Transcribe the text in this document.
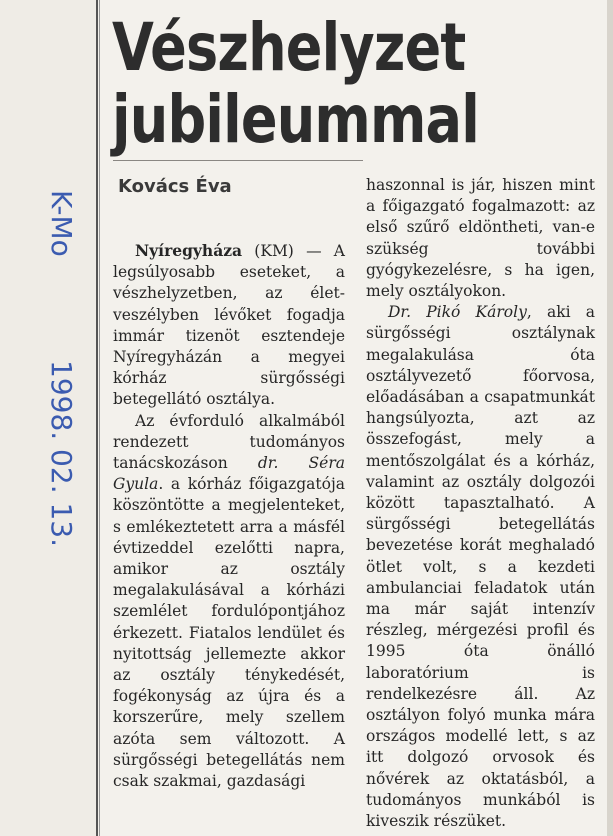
K-Mo
1998. 02. 13.
Vészhelyzet
jubileummal
Kovács Éva

Nyíregyháza (KM) — A legsúlyosabb eseteket, a vészhelyzetben, az élet-veszélyben lévőket fogadja immár tizenöt esztendeje Nyíregyházán a megyei kórház sürgősségi betegellátó osztálya.

Az évforduló alkalmából rendezett tudományos tanácskozáson dr. Séra Gyula. a kórház főigazgatója köszöntötte a megjelenteket, s emlékeztetett arra a másfél évtizeddel ezelőtti napra, amikor az osztály megalakulásával a kórházi szemlélet fordulópontjához érkezett. Fiatalos lendület és nyitottság jellemezte akkor az osztály ténykedését, fogékonyság az újra és a korszerűre, mely szellem azóta sem változott. A sürgősségi betegellátás nem csak szakmai, gazdasági

haszonnal is jár, hiszen mint a főigazgató fogalmazott: az első szűrő eldöntheti, van-e szükség további gyógykezelésre, s ha igen, mely osztályokon.

Dr. Pikó Károly, aki a sürgősségi osztálynak megalakulása óta osztályvezető főorvosa, előadásában a csapatmunkát hangsúlyozta, azt az összefogást, mely a mentőszolgálat és a kórház, valamint az osztály dolgozói között tapasztalható. A sürgősségi betegellátás bevezetése korát meghaladó ötlet volt, s a kezdeti ambulanciai feladatok után ma már saját intenzív részleg, mérgezési profil és 1995 óta önálló laboratórium is rendelkezésre áll. Az osztályon folyó munka mára országos modellé lett, s az itt dolgozó orvosok és nővérek az oktatásból, a tudományos munkából is kiveszik részüket.
